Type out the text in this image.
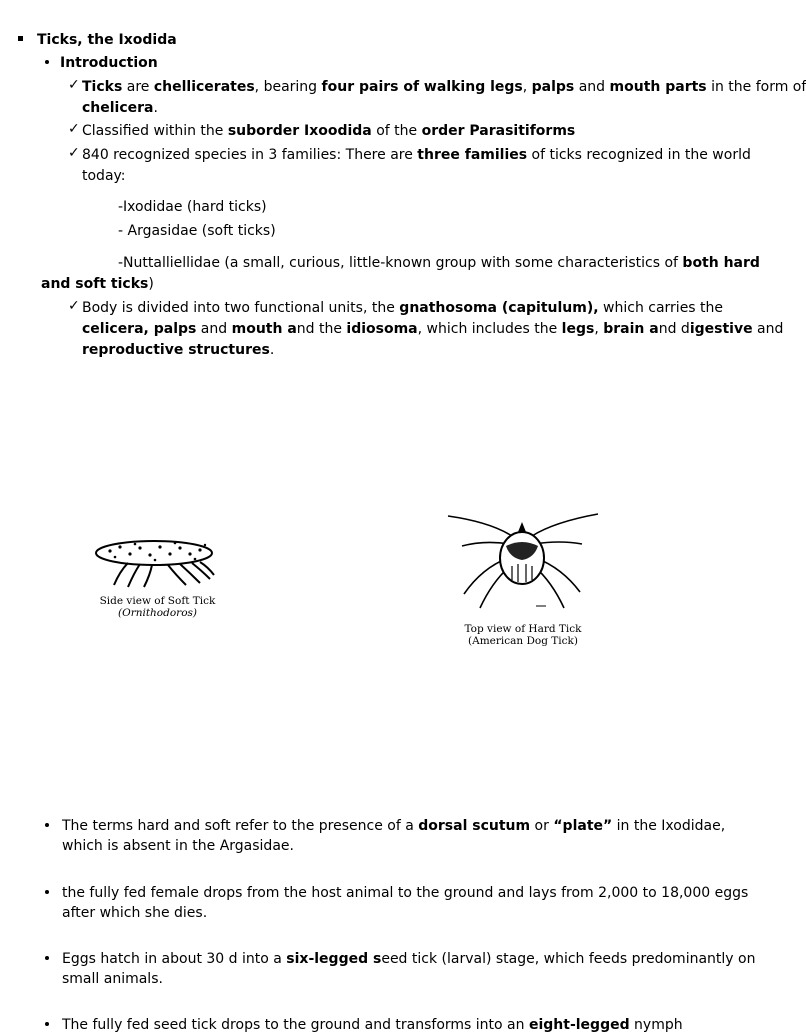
Ticks, the Ixodida
Introduction
✓ Ticks are chellicerates, bearing four pairs of walking legs, palps and mouth parts in the form of
chelicera.
✓ Classified within the suborder Ixoodida of the order Parasitiforms
✓ 840 recognized species in 3 families: There are three families of ticks recognized in the world
today:
-Ixodidae (hard ticks)
- Argasidae (soft ticks)
-Nuttalliellidae (a small, curious, little-known group with some characteristics of both hard
and soft ticks)
✓ Body is divided into two functional units, the gnathosoma (capitulum), which carries the
celicera, palps and mouth and the idiosoma, which includes the legs, brain and digestive and
reproductive structures.
Side view of Soft Tick
(Ornithodoros)
Top view of Hard Tick
(American Dog Tick)
The terms hard and soft refer to the presence of a dorsal scutum or “plate” in the Ixodidae,
which is absent in the Argasidae.
the fully fed female drops from the host animal to the ground and lays from 2,000 to 18,000 eggs
after which she dies.
Eggs hatch in about 30 d into a six-legged seed tick (larval) stage, which feeds predominantly on
small animals.
The fully fed seed tick drops to the ground and transforms into an eight-legged nymph
